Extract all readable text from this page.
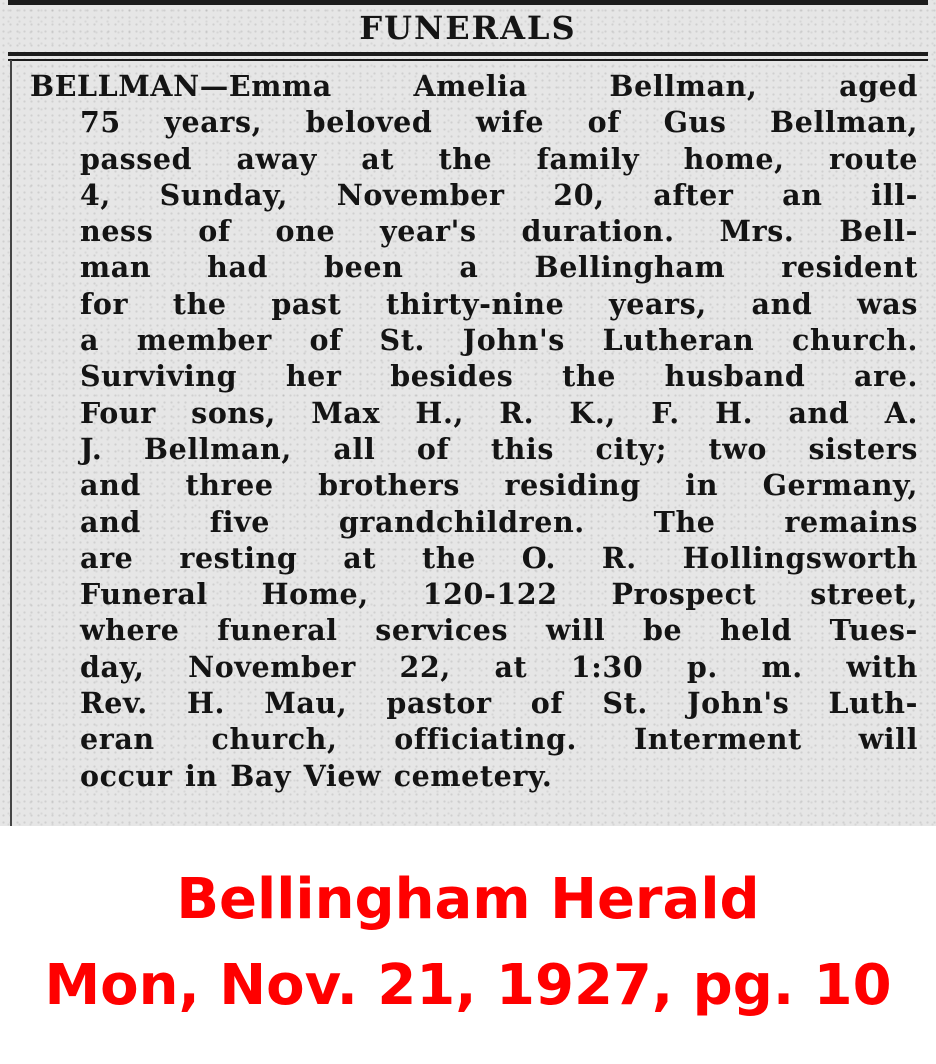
FUNERALS
BELLMAN—Emma Amelia Bellman, aged
75 years, beloved wife of Gus Bellman,
passed away at the family home, route
4, Sunday, November 20, after an ill-
ness of one year's duration. Mrs. Bell-
man had been a Bellingham resident
for the past thirty-nine years, and was
a member of St. John's Lutheran church.
Surviving her besides the husband are.
Four sons, Max H., R. K., F. H. and A.
J. Bellman, all of this city; two sisters
and three brothers residing in Germany,
and five grandchildren. The remains
are resting at the O. R. Hollingsworth
Funeral Home, 120-122 Prospect street,
where funeral services will be held Tues-
day, November 22, at 1:30 p. m. with
Rev. H. Mau, pastor of St. John's Luth-
eran church, officiating. Interment will
occur in Bay View cemetery.
Bellingham Herald
Mon, Nov. 21, 1927, pg. 10
